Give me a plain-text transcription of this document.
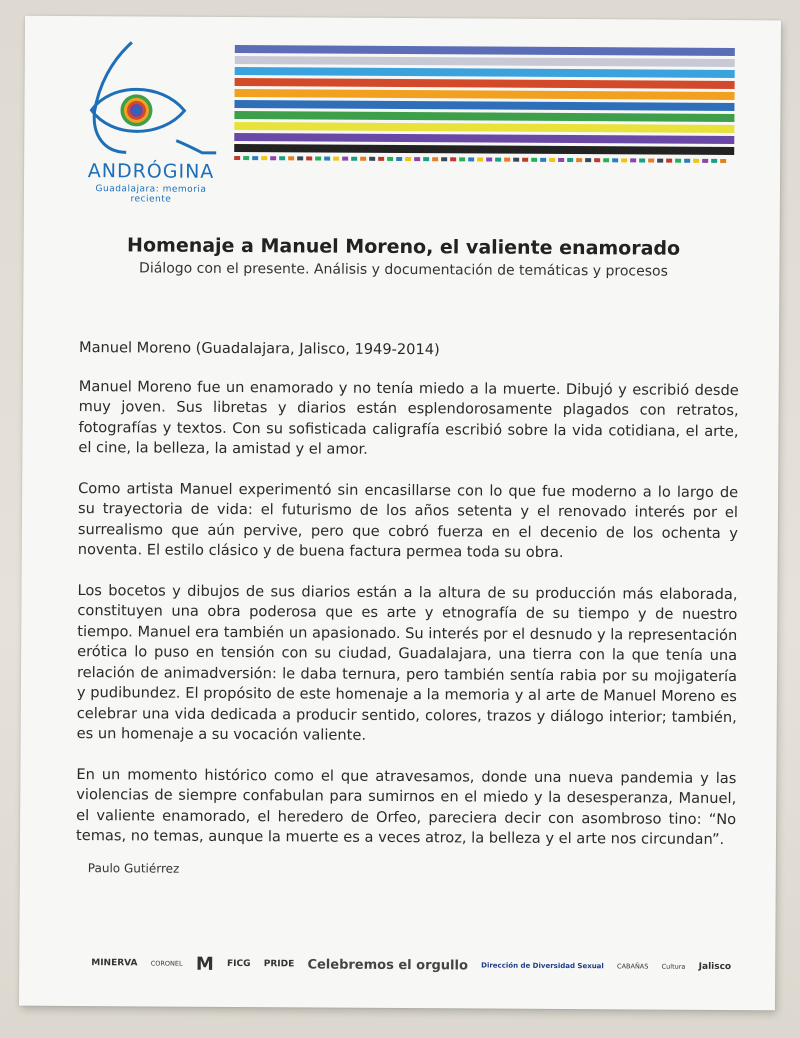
ANDRÓGINA
Guadalajara: memoria reciente
Homenaje a Manuel Moreno, el valiente enamorado
Diálogo con el presente. Análisis y documentación de temáticas y procesos

Manuel Moreno (Guadalajara, Jalisco, 1949-2014)

Manuel Moreno fue un enamorado y no tenía miedo a la muerte. Dibujó y escribió desde muy joven. Sus libretas y diarios están esplendorosamente plagados con retratos, fotografías y textos. Con su sofisticada caligrafía escribió sobre la vida cotidiana, el arte, el cine, la belleza, la amistad y el amor.

Como artista Manuel experimentó sin encasillarse con lo que fue moderno a lo largo de su trayectoria de vida: el futurismo de los años setenta y el renovado interés por el surrealismo que aún pervive, pero que cobró fuerza en el decenio de los ochenta y noventa. El estilo clásico y de buena factura permea toda su obra.

Los bocetos y dibujos de sus diarios están a la altura de su producción más elaborada, constituyen una obra poderosa que es arte y etnografía de su tiempo y de nuestro tiempo. Manuel era también un apasionado. Su interés por el desnudo y la representación erótica lo puso en tensión con su ciudad, Guadalajara, una tierra con la que tenía una relación de animadversión: le daba ternura, pero también sentía rabia por su mojigatería y pudibundez. El propósito de este homenaje a la memoria y al arte de Manuel Moreno es celebrar una vida dedicada a producir sentido, colores, trazos y diálogo interior; también, es un homenaje a su vocación valiente.

En un momento histórico como el que atravesamos, donde una nueva pandemia y las violencias de siempre confabulan para sumirnos en el miedo y la desesperanza, Manuel, el valiente enamorado, el heredero de Orfeo, pareciera decir con asombroso tino: “No temas, no temas, aunque la muerte es a veces atroz, la belleza y el arte nos circundan”.

Paulo Gutiérrez
MINERVA CORONEL M FICG PRIDE Celebremos el orgullo Dirección de Diversidad Sexual CABAÑAS Cultura Jalisco
